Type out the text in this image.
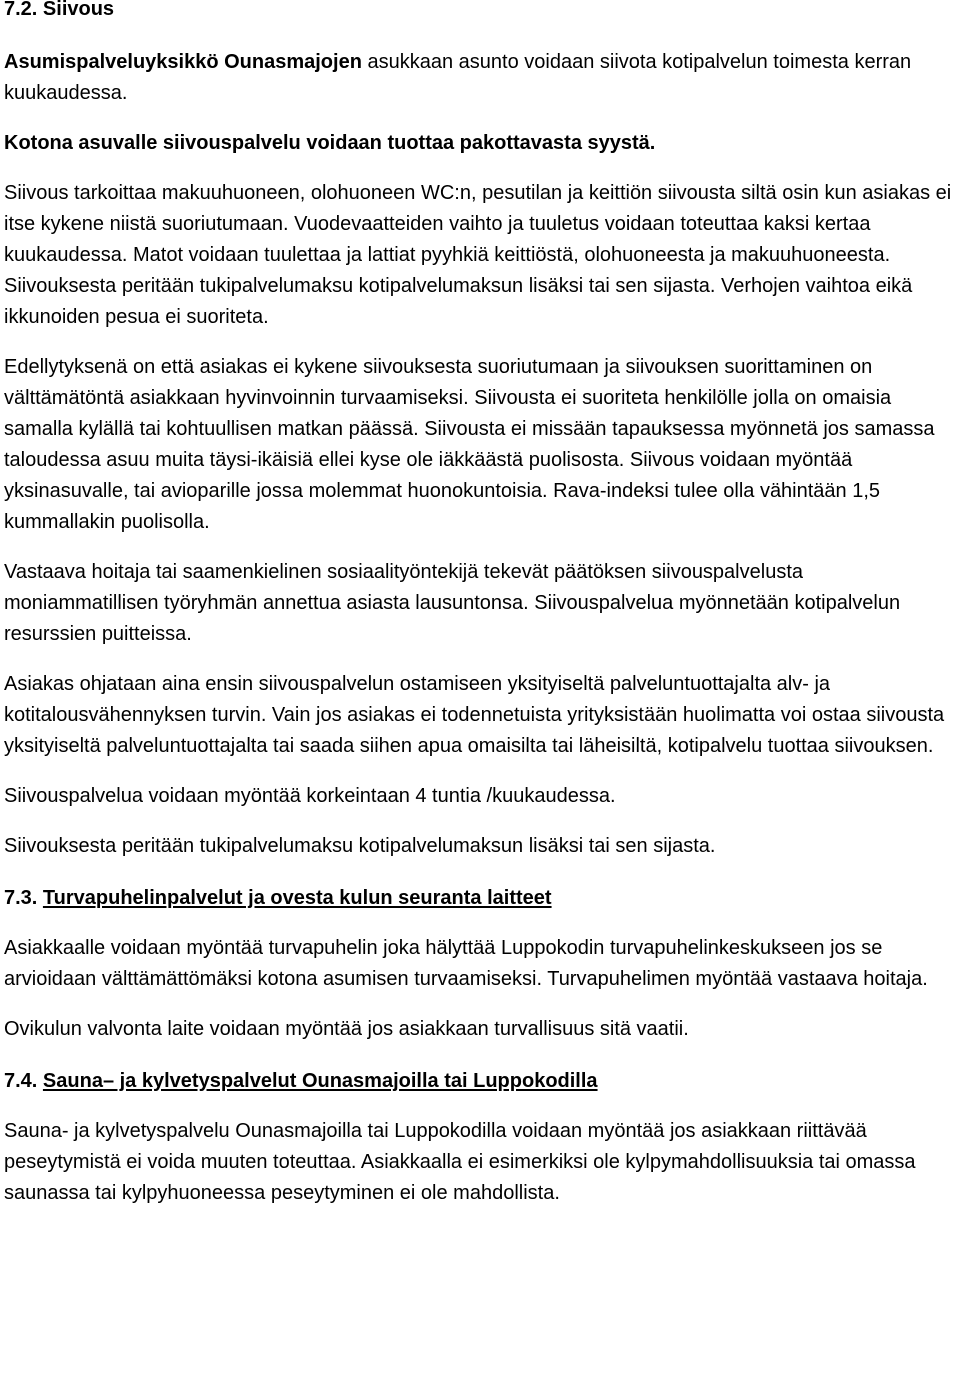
7.2. Siivous

Asumispalveluyksikkö Ounasmajojen asukkaan asunto voidaan siivota kotipalvelun toimesta kerran kuukaudessa.

Kotona asuvalle siivouspalvelu voidaan tuottaa pakottavasta syystä.

Siivous tarkoittaa makuuhuoneen, olohuoneen WC:n, pesutilan ja keittiön siivousta siltä osin kun asiakas ei itse kykene niistä suoriutumaan. Vuodevaatteiden vaihto ja tuuletus voidaan toteuttaa kaksi kertaa kuukaudessa. Matot voidaan tuulettaa ja lattiat pyyhkiä keittiöstä, olohuoneesta ja makuuhuoneesta. Siivouksesta peritään tukipalvelumaksu kotipalvelumaksun lisäksi tai sen sijasta. Verhojen vaihtoa eikä ikkunoiden pesua ei suoriteta.

Edellytyksenä on että asiakas ei kykene siivouksesta suoriutumaan ja siivouksen suorittaminen on välttämätöntä asiakkaan hyvinvoinnin turvaamiseksi. Siivousta ei suoriteta henkilölle jolla on omaisia samalla kylällä tai kohtuullisen matkan päässä. Siivousta ei missään tapauksessa myönnetä jos samassa taloudessa asuu muita täysi-ikäisiä ellei kyse ole iäkkäästä puolisosta. Siivous voidaan myöntää yksinasuvalle, tai avioparille jossa molemmat huonokuntoisia. Rava-indeksi tulee olla vähintään 1,5 kummallakin puolisolla.

Vastaava hoitaja tai saamenkielinen sosiaalityöntekijä tekevät päätöksen siivouspalvelusta moniammatillisen työryhmän annettua asiasta lausuntonsa. Siivouspalvelua myönnetään kotipalvelun resurssien puitteissa.

Asiakas ohjataan aina ensin siivouspalvelun ostamiseen yksityiseltä palveluntuottajalta alv- ja kotitalousvähennyksen turvin. Vain jos asiakas ei todennetuista yrityksistään huolimatta voi ostaa siivousta yksityiseltä palveluntuottajalta tai saada siihen apua omaisilta tai läheisiltä, kotipalvelu tuottaa siivouksen.

Siivouspalvelua voidaan myöntää korkeintaan 4 tuntia /kuukaudessa.

Siivouksesta peritään tukipalvelumaksu kotipalvelumaksun lisäksi tai sen sijasta.

7.3. Turvapuhelinpalvelut ja ovesta kulun seuranta laitteet

Asiakkaalle voidaan myöntää turvapuhelin joka hälyttää Luppokodin turvapuhelinkeskukseen jos se arvioidaan välttämättömäksi kotona asumisen turvaamiseksi. Turvapuhelimen myöntää vastaava hoitaja.

Ovikulun valvonta laite voidaan myöntää jos asiakkaan turvallisuus sitä vaatii.

7.4. Sauna– ja kylvetyspalvelut Ounasmajoilla tai Luppokodilla

Sauna- ja kylvetyspalvelu Ounasmajoilla tai Luppokodilla voidaan myöntää jos asiakkaan riittävää peseytymistä ei voida muuten toteuttaa. Asiakkaalla ei esimerkiksi ole kylpymahdollisuuksia tai omassa saunassa tai kylpyhuoneessa peseytyminen ei ole mahdollista.
